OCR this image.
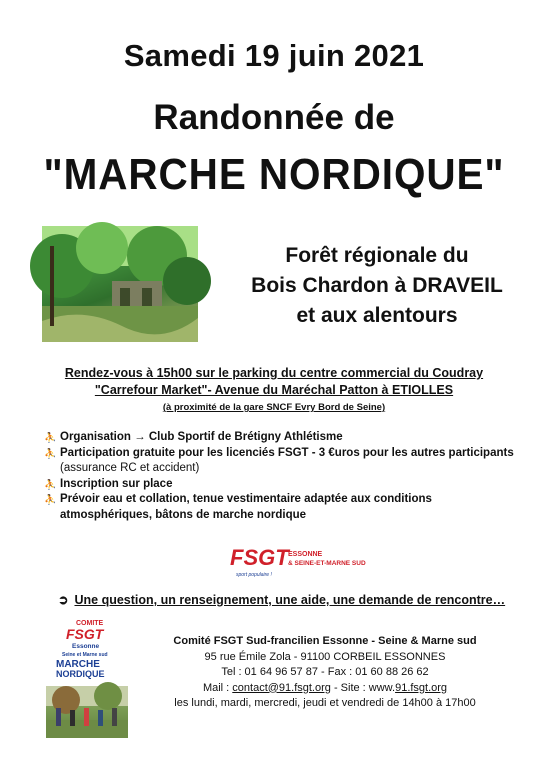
Samedi 19 juin 2021
Randonnée de
"MARCHE NORDIQUE"
Forêt régionale du
Bois Chardon à DRAVEIL
et aux alentours
Rendez-vous à 15h00 sur le parking du centre commercial du Coudray
"Carrefour Market"- Avenue du Maréchal Patton à ETIOLLES
(à proximité de la gare SNCF Evry Bord de Seine)
⛹ Organisation → Club Sportif de Brétigny Athlétisme
⛹ Participation gratuite pour les licenciés FSGT - 3 €uros pour les autres participants
(assurance RC et accident)
⛹ Inscription sur place
⛹ Prévoir eau et collation, tenue vestimentaire adaptée aux conditions atmosphériques, bâtons de marche nordique
FSGT ESSONNE
& SEINE-ET-MARNE SUD
sport populaire !
➲ Une question, un renseignement, une aide, une demande de rencontre…
COMITE
FSGT
Essonne
Seine et Marne sud
MARCHE
NORDIQUE
Comité FSGT Sud-francilien Essonne - Seine & Marne sud
95 rue Émile Zola - 91100 CORBEIL ESSONNES
Tel : 01 64 96 57 87 - Fax : 01 60 88 26 62
Mail : contact@91.fsgt.org - Site : www.91.fsgt.org
les lundi, mardi, mercredi, jeudi et vendredi de 14h00 à 17h00
